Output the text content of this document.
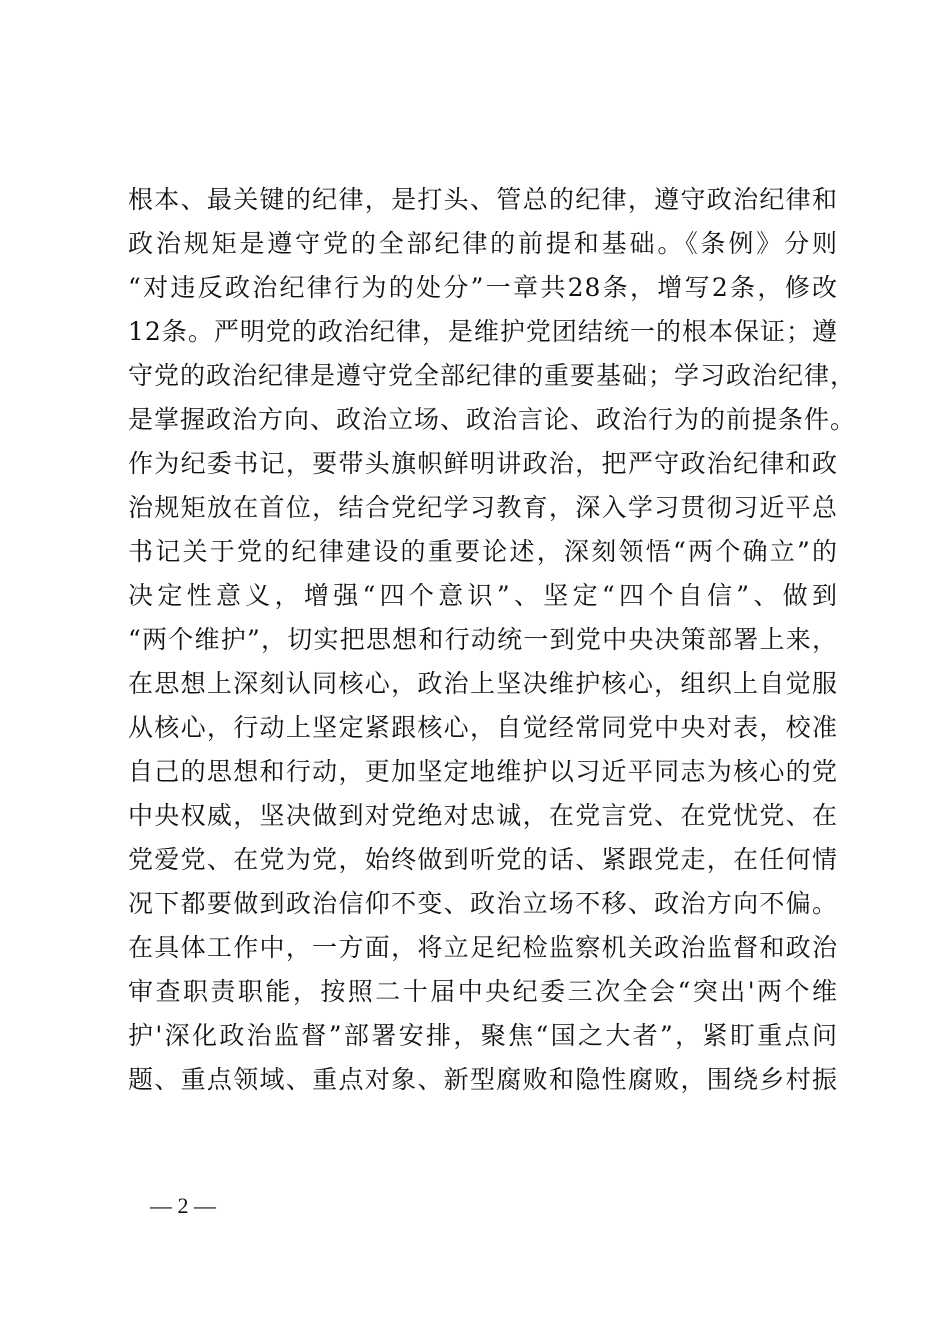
根本、最关键的纪律，是打头、管总的纪律，遵守政治纪律和
政治规矩是遵守党的全部纪律的前提和基础。《条例》分则
“对违反政治纪律行为的处分”一章共28条，增写2条，修改
12条。严明党的政治纪律，是维护党团结统一的根本保证；遵
守党的政治纪律是遵守党全部纪律的重要基础；学习政治纪律，
是掌握政治方向、政治立场、政治言论、政治行为的前提条件。
作为纪委书记，要带头旗帜鲜明讲政治，把严守政治纪律和政
治规矩放在首位，结合党纪学习教育，深入学习贯彻习近平总
书记关于党的纪律建设的重要论述，深刻领悟“两个确立”的
决定性意义，增强“四个意识”、坚定“四个自信”、做到
“两个维护”，切实把思想和行动统一到党中央决策部署上来，
在思想上深刻认同核心，政治上坚决维护核心，组织上自觉服
从核心，行动上坚定紧跟核心，自觉经常同党中央对表，校准
自己的思想和行动，更加坚定地维护以习近平同志为核心的党
中央权威，坚决做到对党绝对忠诚，在党言党、在党忧党、在
党爱党、在党为党，始终做到听党的话、紧跟党走，在任何情
况下都要做到政治信仰不变、政治立场不移、政治方向不偏。
在具体工作中，一方面，将立足纪检监察机关政治监督和政治
审查职责职能，按照二十届中央纪委三次全会“突出'两个维
护'深化政治监督”部署安排，聚焦“国之大者”，紧盯重点问
题、重点领域、重点对象、新型腐败和隐性腐败，围绕乡村振
— 2 —
